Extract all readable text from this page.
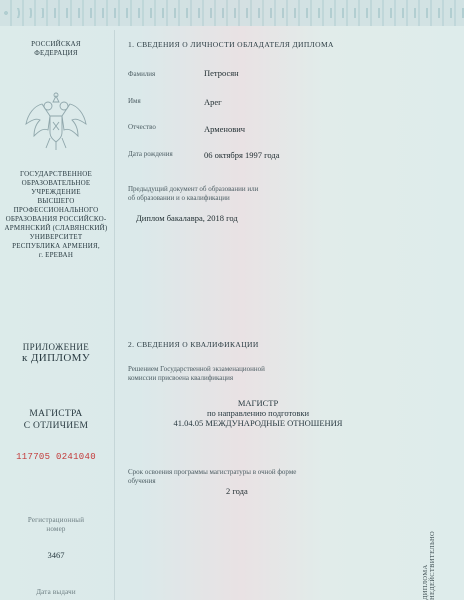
РОССИЙСКАЯ
ФЕДЕРАЦИЯ
ГОСУДАРСТВЕННОЕ
ОБРАЗОВАТЕЛЬНОЕ УЧРЕЖДЕНИЕ
ВЫСШЕГО ПРОФЕССИОНАЛЬНОГО
ОБРАЗОВАНИЯ РОССИЙСКО-
АРМЯНСКИЙ (СЛАВЯНСКИЙ)
УНИВЕРСИТЕТ
РЕСПУБЛИКА АРМЕНИЯ,
г. ЕРЕВАН
ПРИЛОЖЕНИЕ
к ДИПЛОМУ
МАГИСТРА
С ОТЛИЧИЕМ
117705 0241040
Регистрационный
номер
3467
Дата выдачи
1. СВЕДЕНИЯ О ЛИЧНОСТИ ОБЛАДАТЕЛЯ ДИПЛОМА
Фамилия	Петросян
Имя	Арег
Отчество	Арменович
Дата рождения	06 октября 1997 года
Предыдущий документ об образовании или
об образовании и о квалификации
Диплом бакалавра, 2018 год
2. СВЕДЕНИЯ О КВАЛИФИКАЦИИ
Решением Государственной экзаменационной
комиссии присвоена квалификация
МАГИСТР
по направлению подготовки
41.04.05 МЕЖДУНАРОДНЫЕ ОТНОШЕНИЯ
Срок освоения программы магистратуры в очной форме
обучения
2 года
ДИПЛОМА НЕДЕЙСТВИТЕЛЬНО
